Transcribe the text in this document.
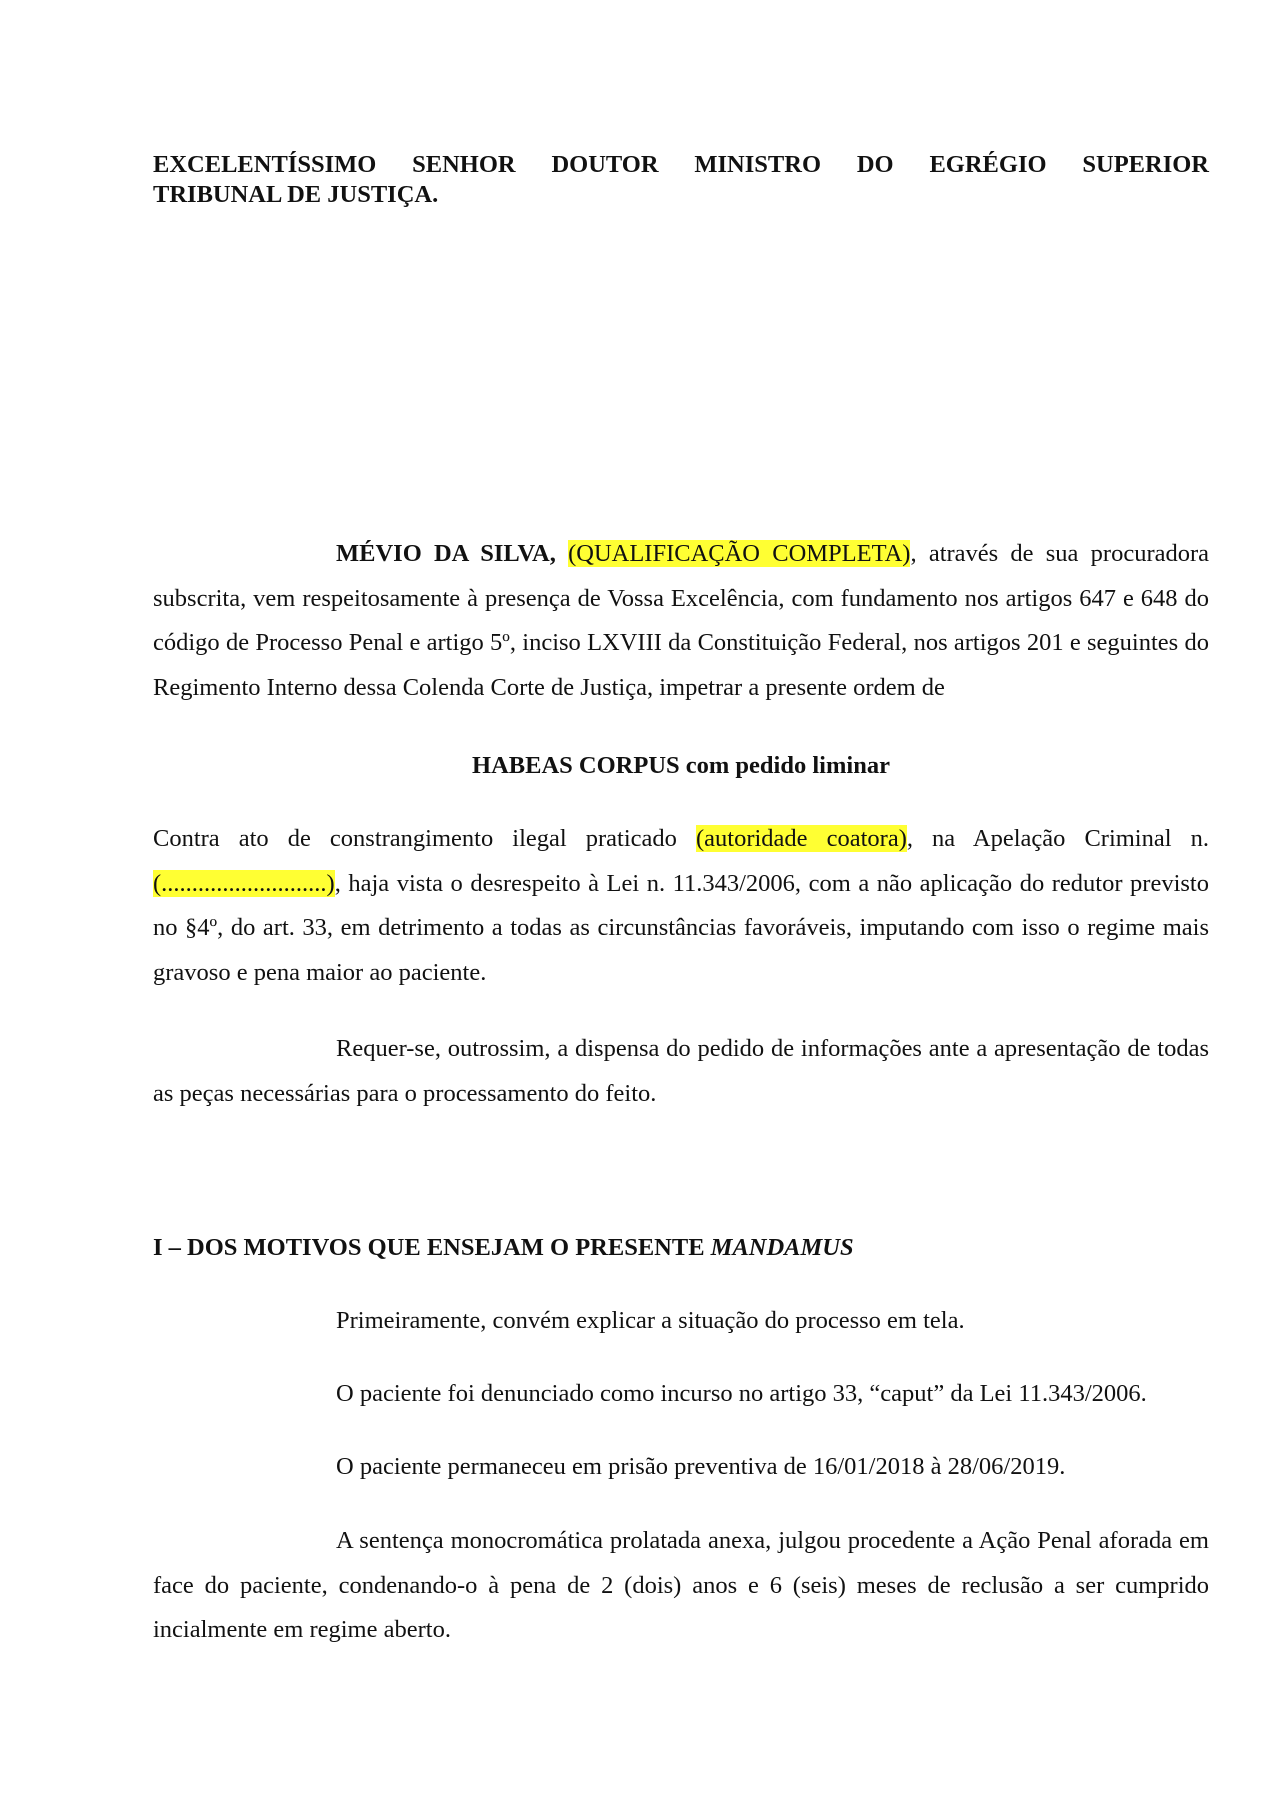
EXCELENTÍSSIMO SENHOR DOUTOR MINISTRO DO EGRÉGIO SUPERIOR
TRIBUNAL DE JUSTIÇA.
MÉVIO DA SILVA, (QUALIFICAÇÃO COMPLETA), através de sua procuradora subscrita, vem respeitosamente à presença de Vossa Excelência, com fundamento nos artigos 647 e 648 do código de Processo Penal e artigo 5º, inciso LXVIII da Constituição Federal, nos artigos 201 e seguintes do Regimento Interno dessa Colenda Corte de Justiça, impetrar a presente ordem de
HABEAS CORPUS com pedido liminar
Contra ato de constrangimento ilegal praticado (autoridade coatora), na Apelação Criminal n. (...........................), haja vista o desrespeito à Lei n. 11.343/2006, com a não aplicação do redutor previsto no §4º, do art. 33, em detrimento a todas as circunstâncias favoráveis, imputando com isso o regime mais gravoso e pena maior ao paciente.
Requer-se, outrossim, a dispensa do pedido de informações ante a apresentação de todas as peças necessárias para o processamento do feito.
I – DOS MOTIVOS QUE ENSEJAM O PRESENTE MANDAMUS
Primeiramente, convém explicar a situação do processo em tela.
O paciente foi denunciado como incurso no artigo 33, “caput” da Lei 11.343/2006.
O paciente permaneceu em prisão preventiva de 16/01/2018 à 28/06/2019.
A sentença monocromática prolatada anexa, julgou procedente a Ação Penal aforada em face do paciente, condenando-o à pena de 2 (dois) anos e 6 (seis) meses de reclusão a ser cumprido incialmente em regime aberto.
